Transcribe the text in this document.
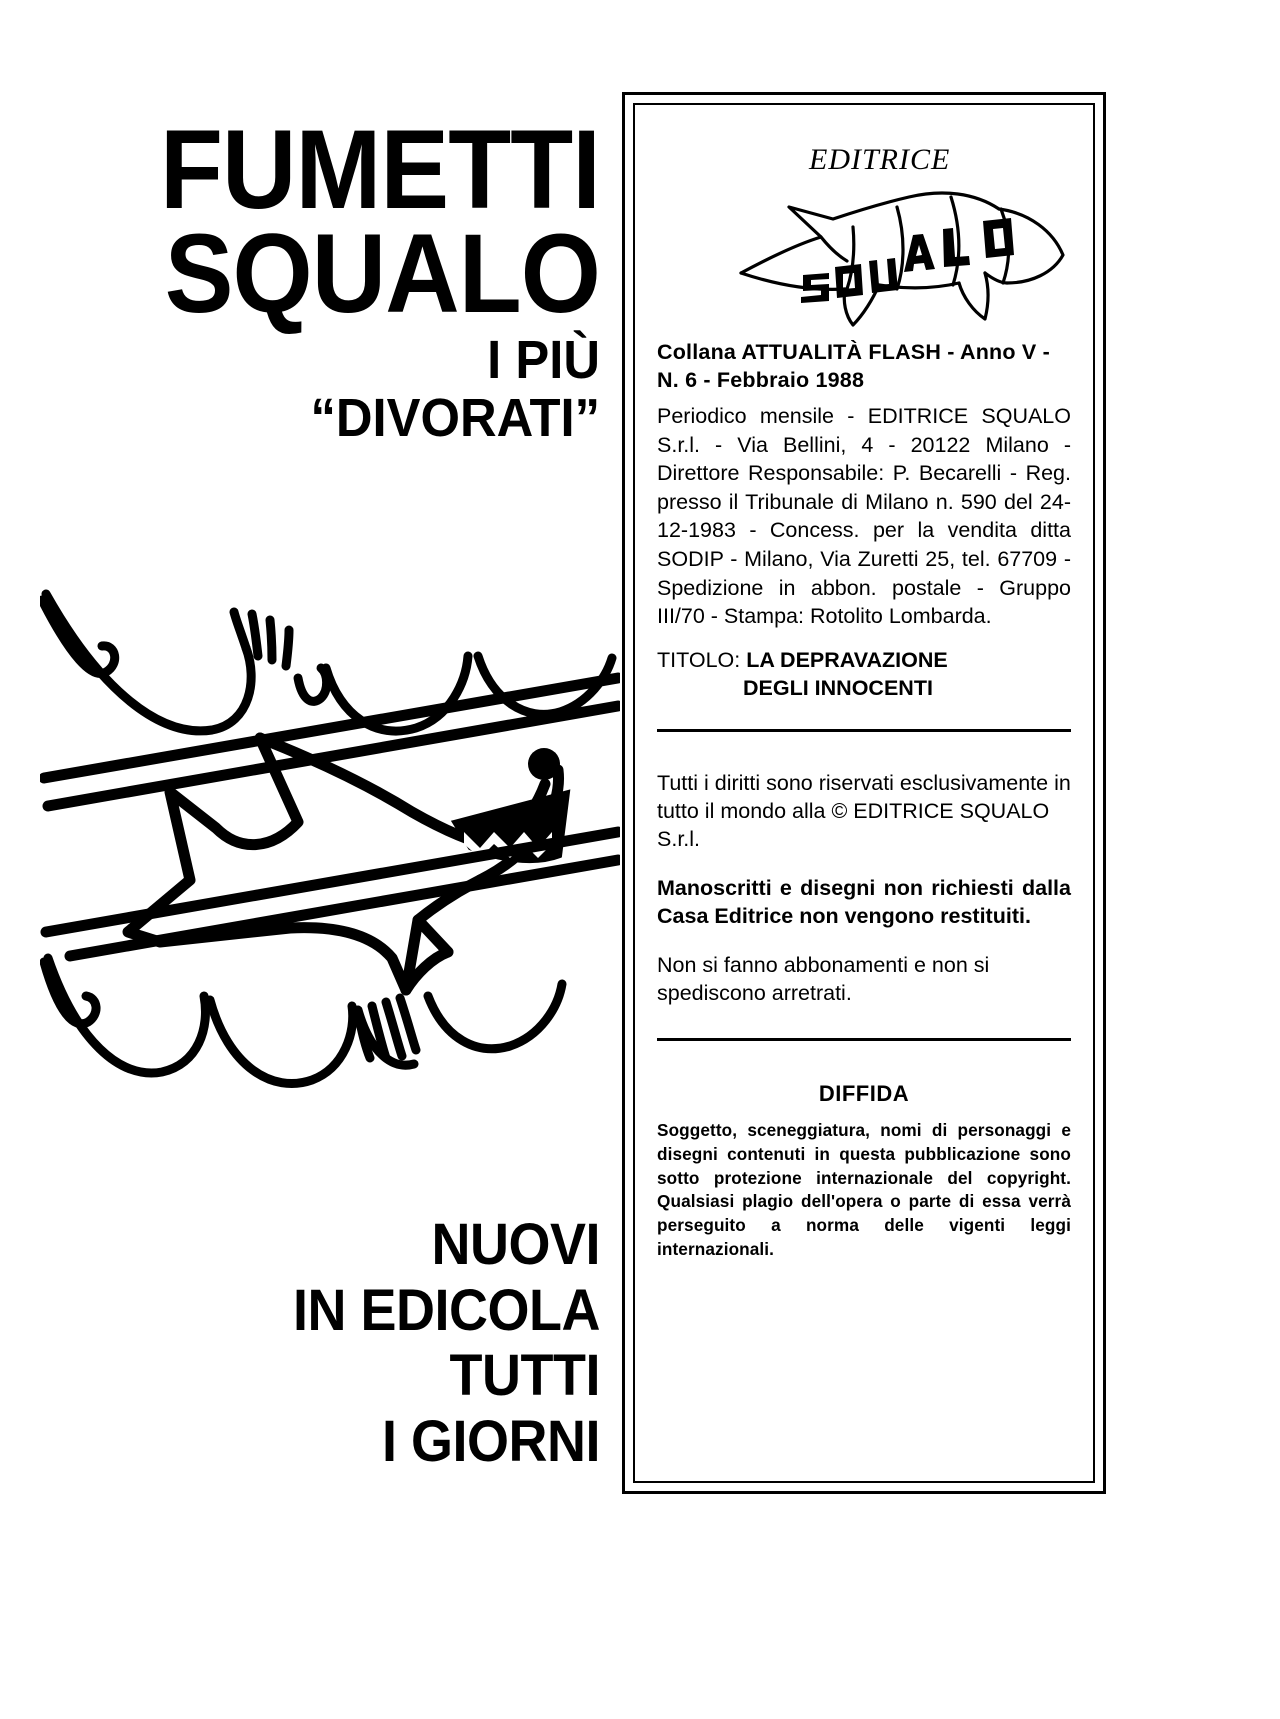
FUMETTI
SQUALO
I PIÙ
“DIVORATI”
NUOVI
IN EDICOLA
TUTTI
I GIORNI
EDITRICE

Collana ATTUALITÀ FLASH - Anno V - N. 6 - Febbraio 1988

Periodico mensile - EDITRICE SQUALO S.r.l. - Via Bellini, 4 - 20122 Milano - Direttore Responsabile: P. Becarelli - Reg. presso il Tribunale di Milano n. 590 del 24-12-1983 - Concess. per la vendita ditta SODIP - Milano, Via Zuretti 25, tel. 67709 - Spedizione in abbon. postale - Gruppo III/70 - Stampa: Rotolito Lombarda.

TITOLO: LA DEPRAVAZIONE
DEGLI INNOCENTI

Tutti i diritti sono riservati esclusivamente in tutto il mondo alla © EDITRICE SQUALO S.r.l.

Manoscritti e disegni non richiesti dalla Casa Editrice non vengono restituiti.

Non si fanno abbonamenti e non si spediscono arretrati.

DIFFIDA

Soggetto, sceneggiatura, nomi di personaggi e disegni contenuti in questa pubblicazione sono sotto protezione internazionale del copyright. Qualsiasi plagio dell'opera o parte di essa verrà perseguito a norma delle vigenti leggi internazionali.
